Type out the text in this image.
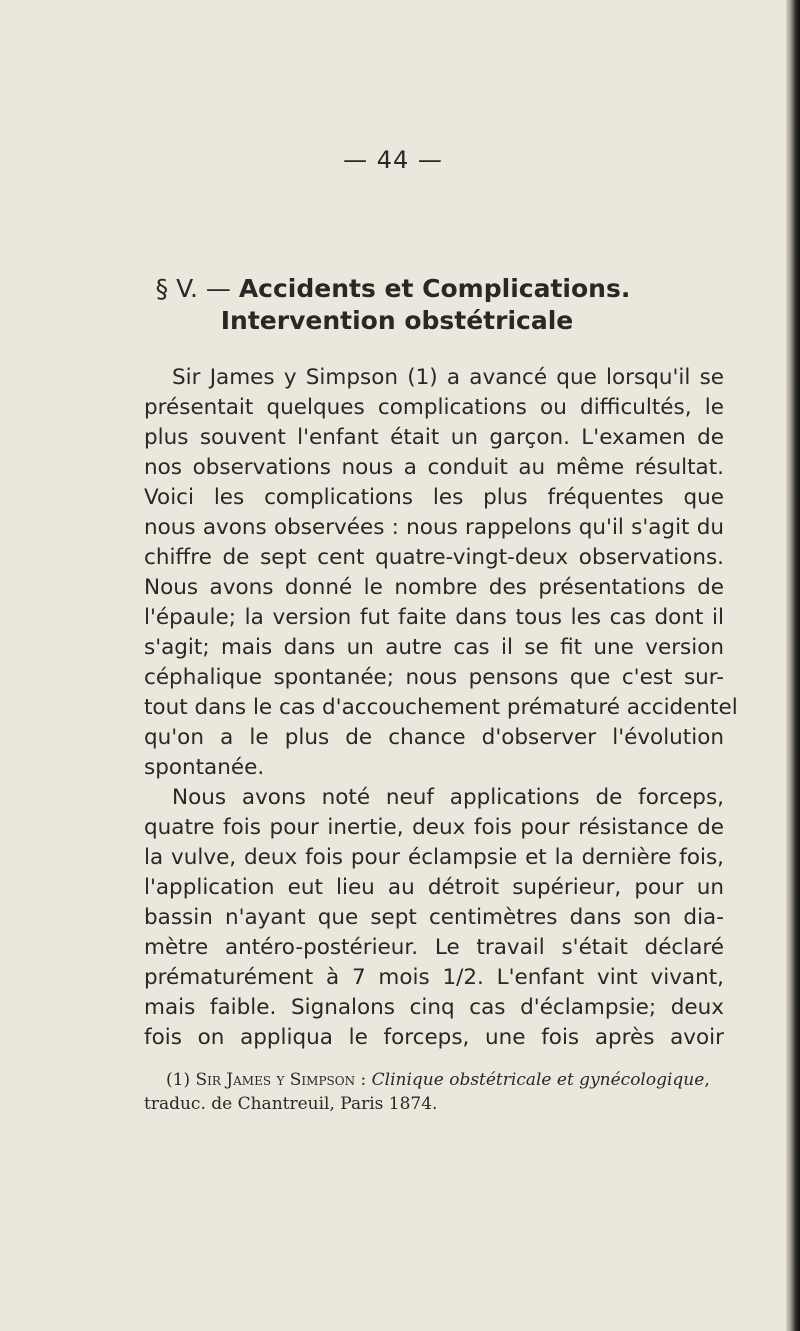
— 44 —
§ V. — Accidents et Complications.
Intervention obstétricale
Sir James y Simpson (1) a avancé que lorsqu'il se
présentait quelques complications ou difficultés, le
plus souvent l'enfant était un garçon. L'examen de
nos observations nous a conduit au même résultat.
Voici les complications les plus fréquentes que
nous avons observées : nous rappelons qu'il s'agit du
chiffre de sept cent quatre-vingt-deux observations.
Nous avons donné le nombre des présentations de
l'épaule; la version fut faite dans tous les cas dont il
s'agit; mais dans un autre cas il se fit une version
céphalique spontanée; nous pensons que c'est sur-
tout dans le cas d'accouchement prématuré accidentel
qu'on a le plus de chance d'observer l'évolution
spontanée.
Nous avons noté neuf applications de forceps,
quatre fois pour inertie, deux fois pour résistance de
la vulve, deux fois pour éclampsie et la dernière fois,
l'application eut lieu au détroit supérieur, pour un
bassin n'ayant que sept centimètres dans son dia-
mètre antéro-postérieur. Le travail s'était déclaré
prématurément à 7 mois 1/2. L'enfant vint vivant,
mais faible. Signalons cinq cas d'éclampsie; deux
fois on appliqua le forceps, une fois après avoir
(1) Sir James y Simpson : Clinique obstétricale et gynécologique,
traduc. de Chantreuil, Paris 1874.
